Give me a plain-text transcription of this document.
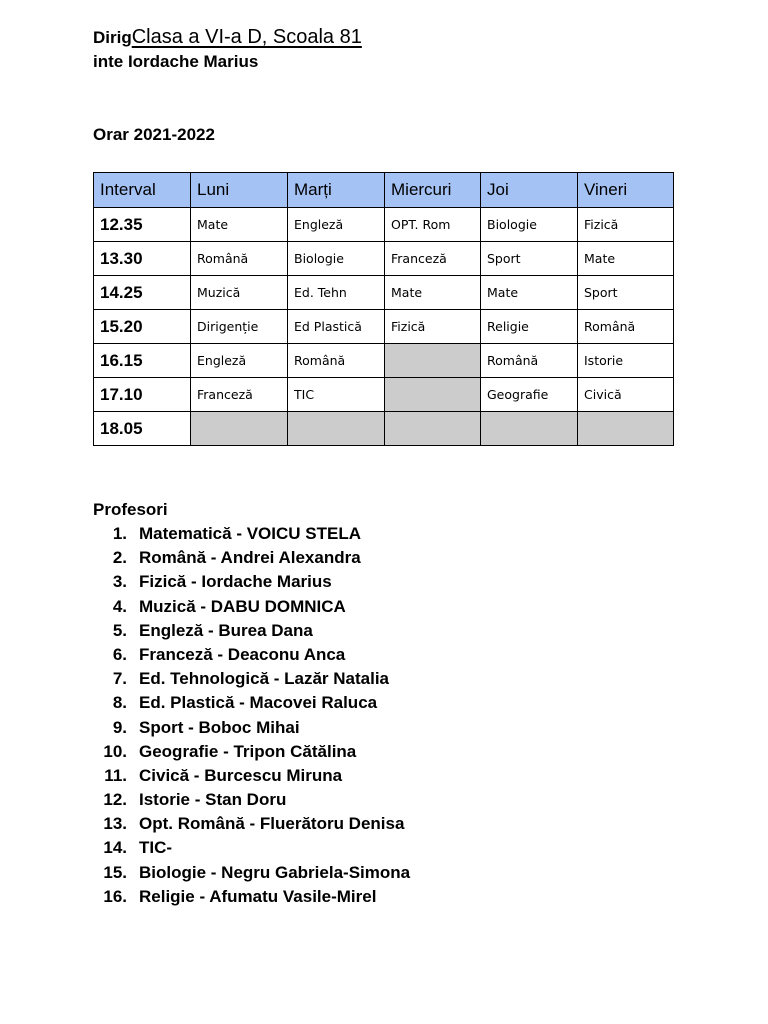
DirigClasa a VI-a D, Scoala 81
inte Iordache Marius
Orar 2021-2022
Interval	Luni	Marți	Miercuri	Joi	Vineri
12.35	Mate	Engleză	OPT. Rom	Biologie	Fizică
13.30	Română	Biologie	Franceză	Sport	Mate
14.25	Muzică	Ed. Tehn	Mate	Mate	Sport
15.20	Dirigenție	Ed Plastică	Fizică	Religie	Română
16.15	Engleză	Română		Română	Istorie
17.10	Franceză	TIC		Geografie	Civică
18.05					
Profesori
1. Matematică - VOICU STELA
2. Română - Andrei Alexandra
3. Fizică - Iordache Marius
4. Muzică - DABU DOMNICA
5. Engleză - Burea Dana
6. Franceză - Deaconu Anca
7. Ed. Tehnologică - Lazăr Natalia
8. Ed. Plastică - Macovei Raluca
9. Sport - Boboc Mihai
10. Geografie - Tripon Cătălina
11. Civică - Burcescu Miruna
12. Istorie - Stan Doru
13. Opt. Română - Fluerătoru Denisa
14. TIC-
15. Biologie - Negru Gabriela-Simona
16. Religie - Afumatu Vasile-Mirel
